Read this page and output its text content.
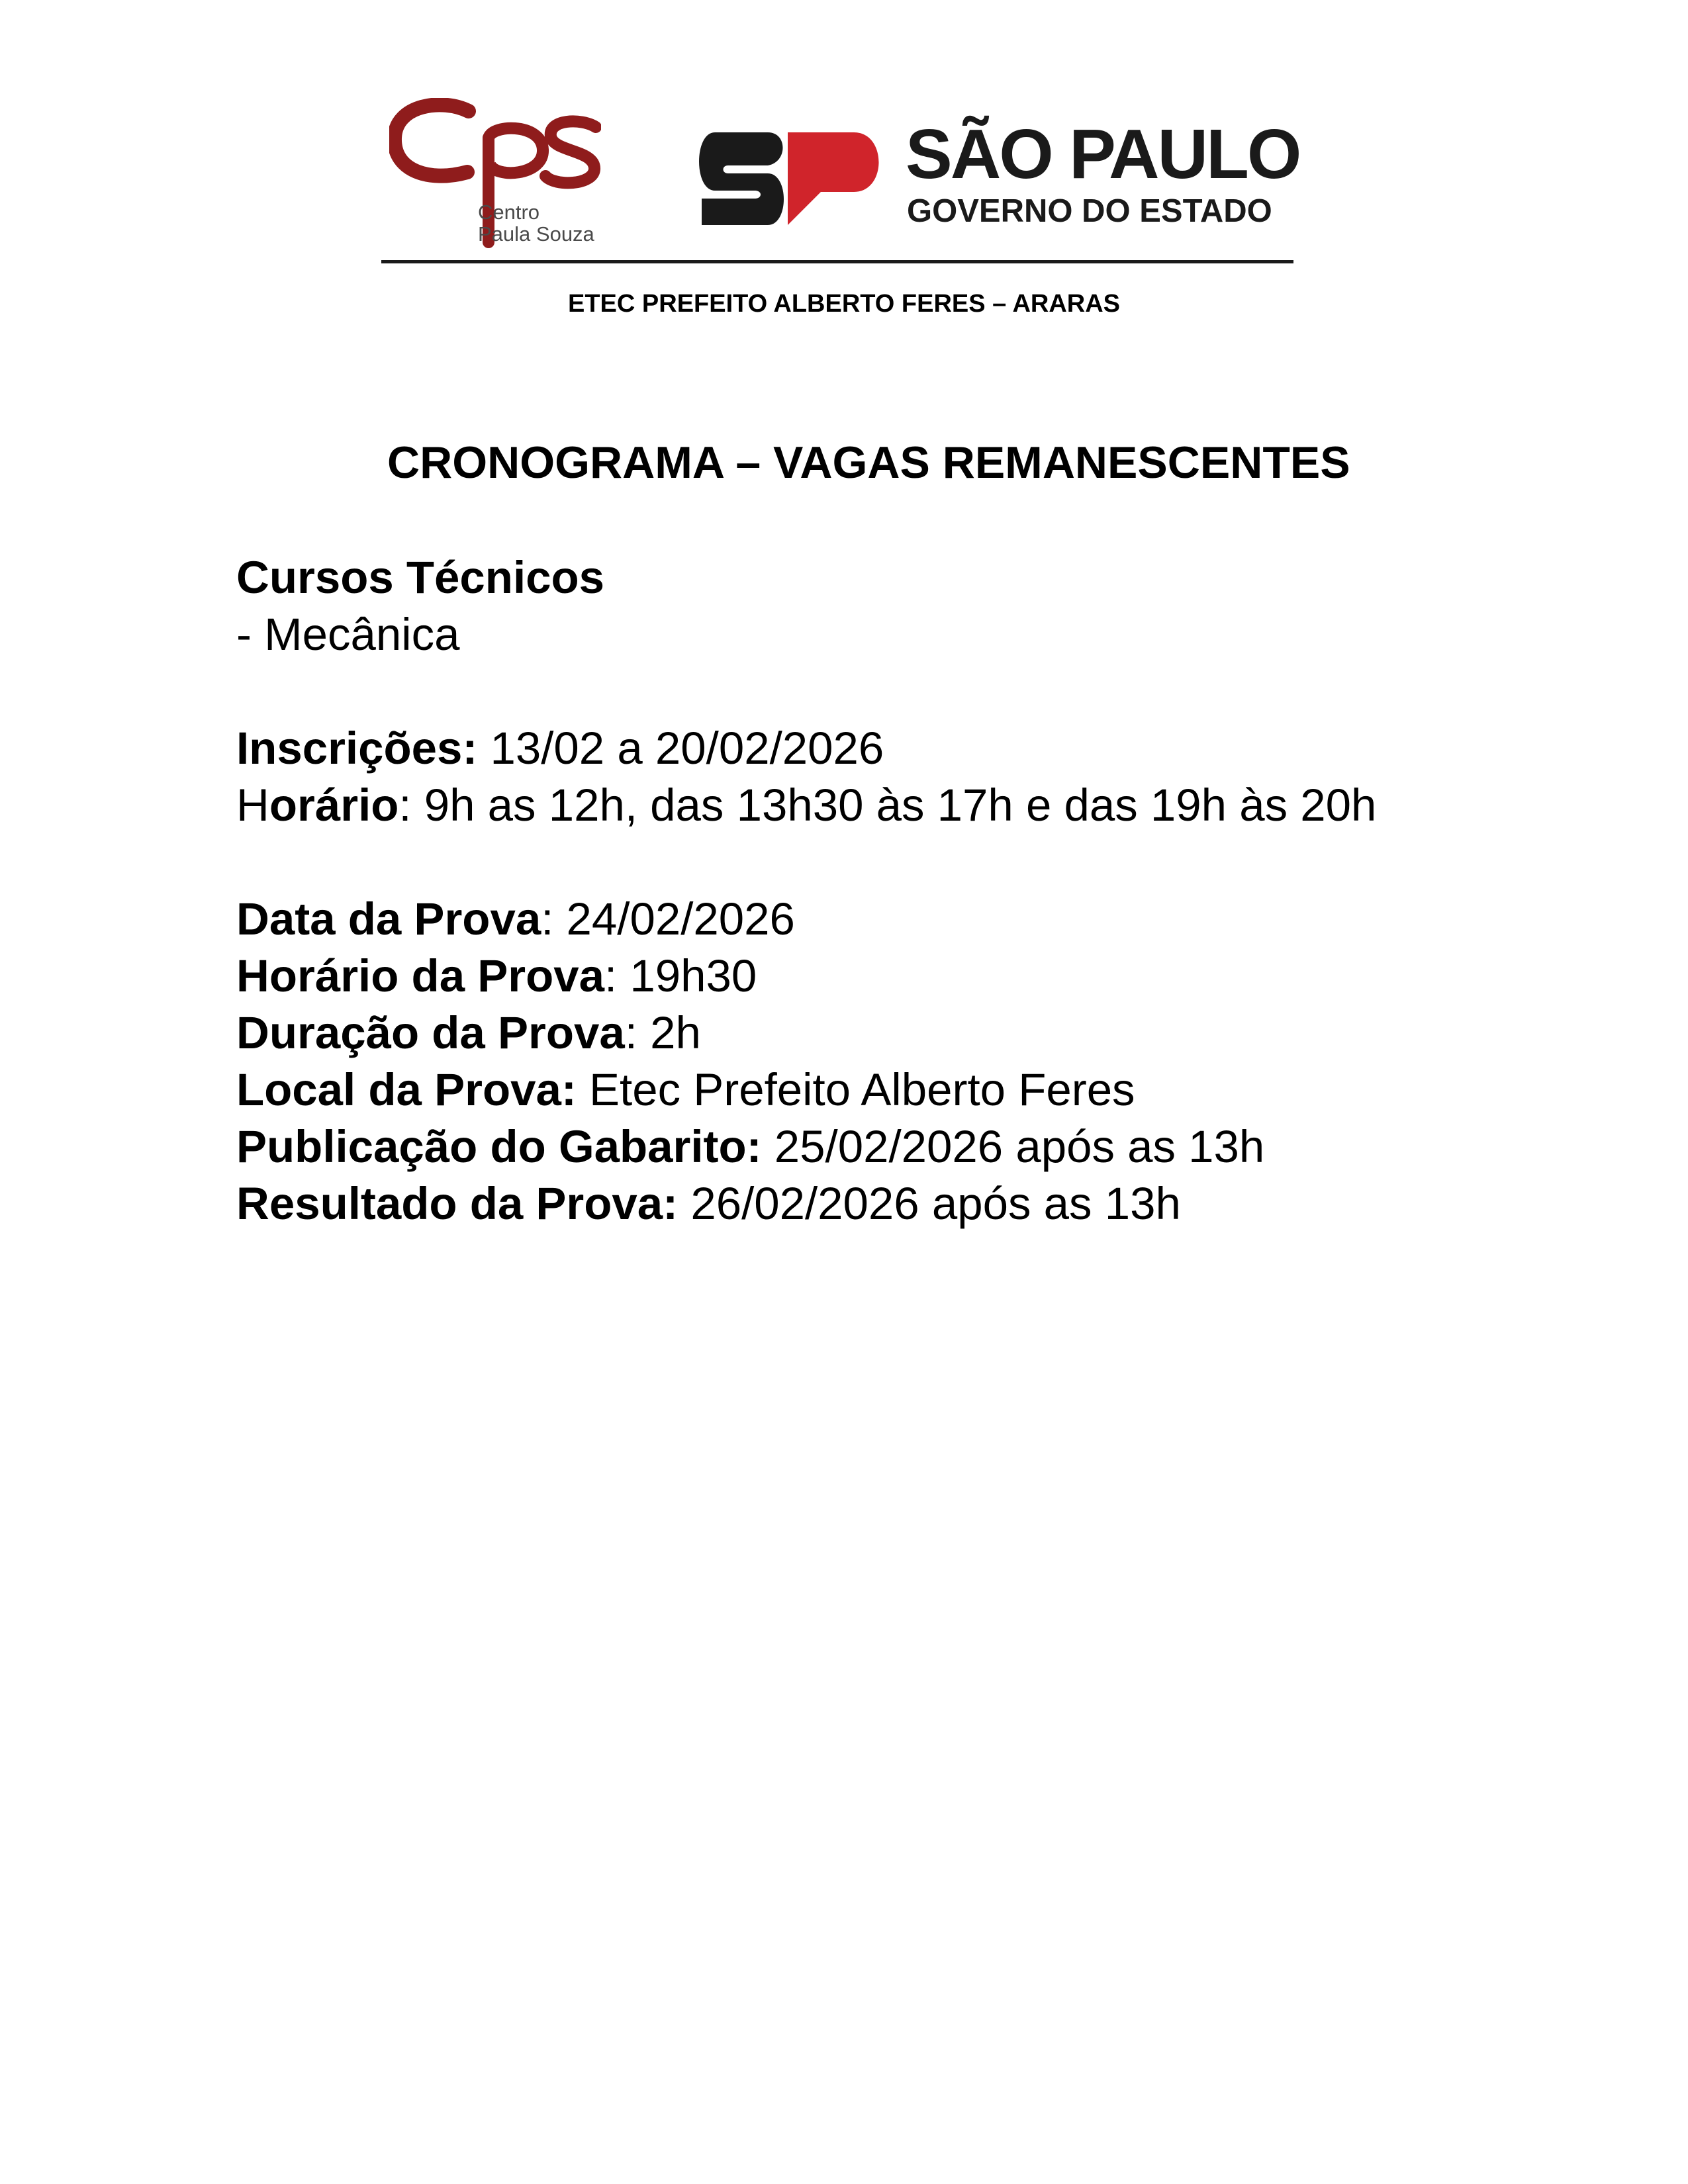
Centro
Paula Souza
SÃO PAULO
GOVERNO DO ESTADO
ETEC PREFEITO ALBERTO FERES – ARARAS
CRONOGRAMA – VAGAS REMANESCENTES
Cursos Técnicos
- Mecânica
Inscrições: 13/02 a 20/02/2026
Horário: 9h as 12h, das 13h30 às 17h e das 19h às 20h
Data da Prova: 24/02/2026
Horário da Prova: 19h30
Duração da Prova: 2h
Local da Prova: Etec Prefeito Alberto Feres
Publicação do Gabarito: 25/02/2026 após as 13h
Resultado da Prova: 26/02/2026 após as 13h
